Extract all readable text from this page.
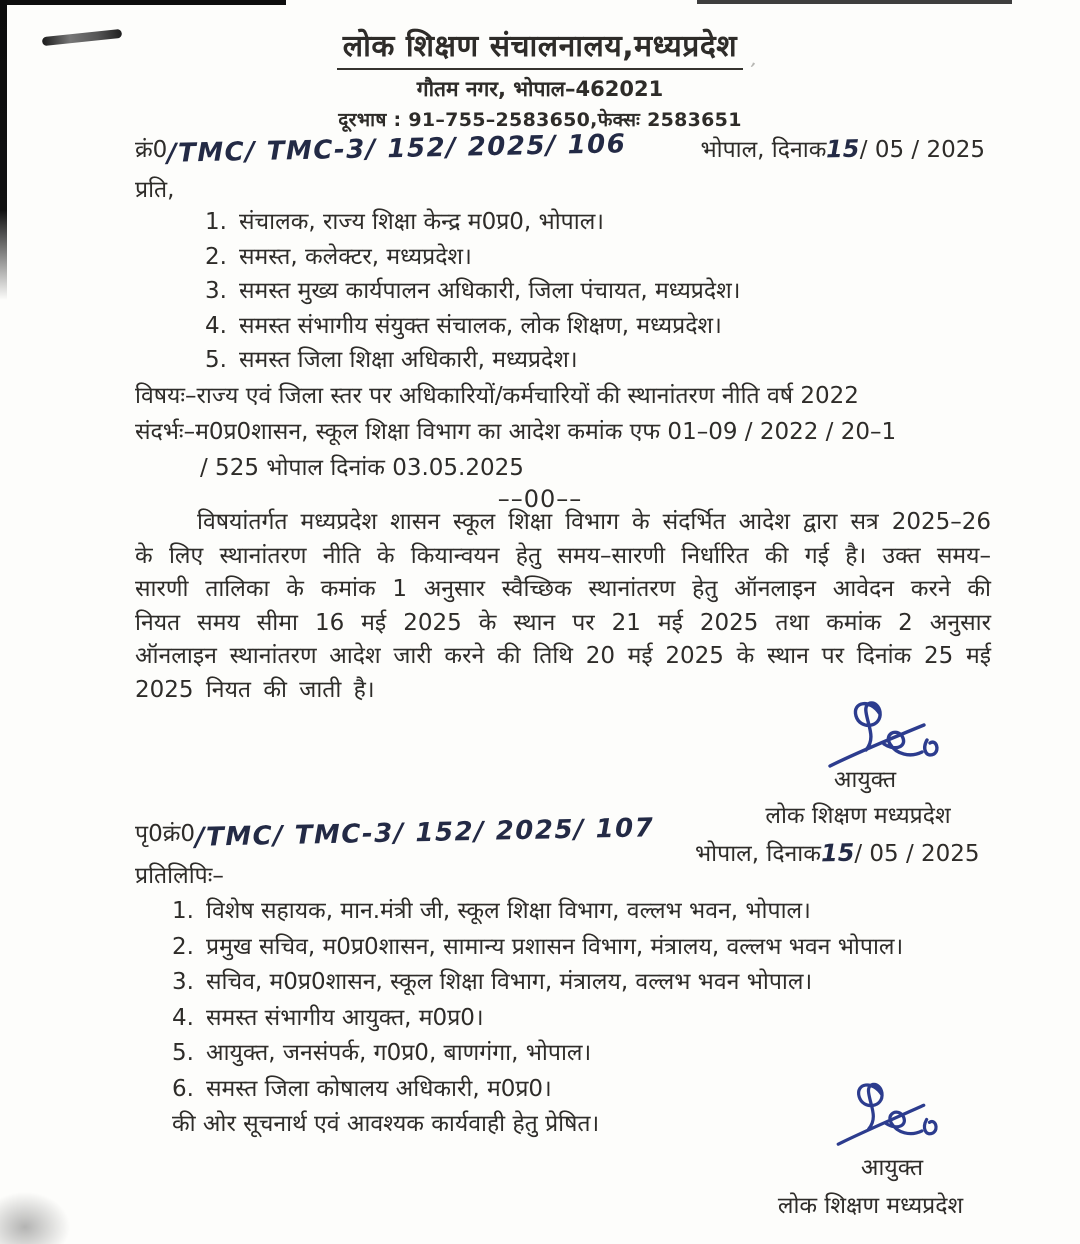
’
लोक शिक्षण संचालनालय,मध्यप्रदेश
गौतम नगर, भोपाल–462021
दूरभाष : 91–755–2583650,फेक्सः 2583651
क्रं0/TMC/ TMC-3/ 152/ 2025/ 106	भोपाल, दिनाक15/ 05 / 2025
प्रति,
1. संचालक, राज्य शिक्षा केन्द्र म0प्र0, भोपाल।
2. समस्त, कलेक्टर, मध्यप्रदेश।
3. समस्त मुख्य कार्यपालन अधिकारी, जिला पंचायत, मध्यप्रदेश।
4. समस्त संभागीय संयुक्त संचालक, लोक शिक्षण, मध्यप्रदेश।
5. समस्त जिला शिक्षा अधिकारी, मध्यप्रदेश।
विषयः–राज्य एवं जिला स्तर पर अधिकारियों/कर्मचारियों की स्थानांतरण नीति वर्ष 2022
संदर्भः–म0प्र0शासन, स्कूल शिक्षा विभाग का आदेश कमांक एफ 01–09 / 2022 / 20–1
/ 525 भोपाल दिनांक 03.05.2025
––00––
विषयांतर्गत मध्यप्रदेश शासन स्कूल शिक्षा विभाग के संदर्भित आदेश द्वारा सत्र 2025–26 के लिए स्थानांतरण नीति के कियान्वयन हेतु समय–सारणी निर्धारित की गई है। उक्त समय–सारणी तालिका के कमांक 1 अनुसार स्वैच्छिक स्थानांतरण हेतु ऑनलाइन आवेदन करने की नियत समय सीमा 16 मई 2025 के स्थान पर 21 मई 2025 तथा कमांक 2 अनुसार ऑनलाइन स्थानांतरण आदेश जारी करने की तिथि 20 मई 2025 के स्थान पर दिनांक 25 मई 2025 नियत की जाती है।
आयुक्त
लोक शिक्षण मध्यप्रदेश
भोपाल, दिनाक15/ 05 / 2025
पृ0क्रं0/TMC/ TMC-3/ 152/ 2025/ 107
प्रतिलिपिः–
1. विशेष सहायक, मान.मंत्री जी, स्कूल शिक्षा विभाग, वल्लभ भवन, भोपाल।
2. प्रमुख सचिव, म0प्र0शासन, सामान्य प्रशासन विभाग, मंत्रालय, वल्लभ भवन भोपाल।
3. सचिव, म0प्र0शासन, स्कूल शिक्षा विभाग, मंत्रालय, वल्लभ भवन भोपाल।
4. समस्त संभागीय आयुक्त, म0प्र0।
5. आयुक्त, जनसंपर्क, ग0प्र0, बाणगंगा, भोपाल।
6. समस्त जिला कोषालय अधिकारी, म0प्र0।
की ओर सूचनार्थ एवं आवश्यक कार्यवाही हेतु प्रेषित।
आयुक्त
लोक शिक्षण मध्यप्रदेश
